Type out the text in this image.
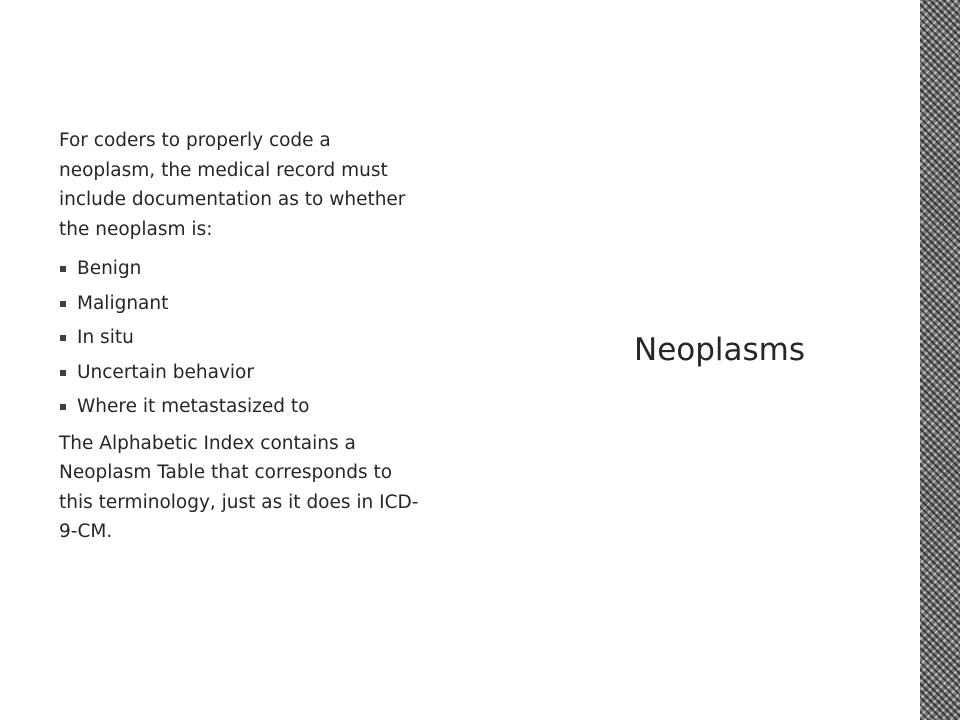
For coders to properly code a neoplasm, the medical record must include documentation as to whether the neoplasm is:

Benign
Malignant
In situ
Uncertain behavior
Where it metastasized to

The Alphabetic Index contains a Neoplasm Table that corresponds to this terminology, just as it does in ICD-9-CM.

Neoplasms
